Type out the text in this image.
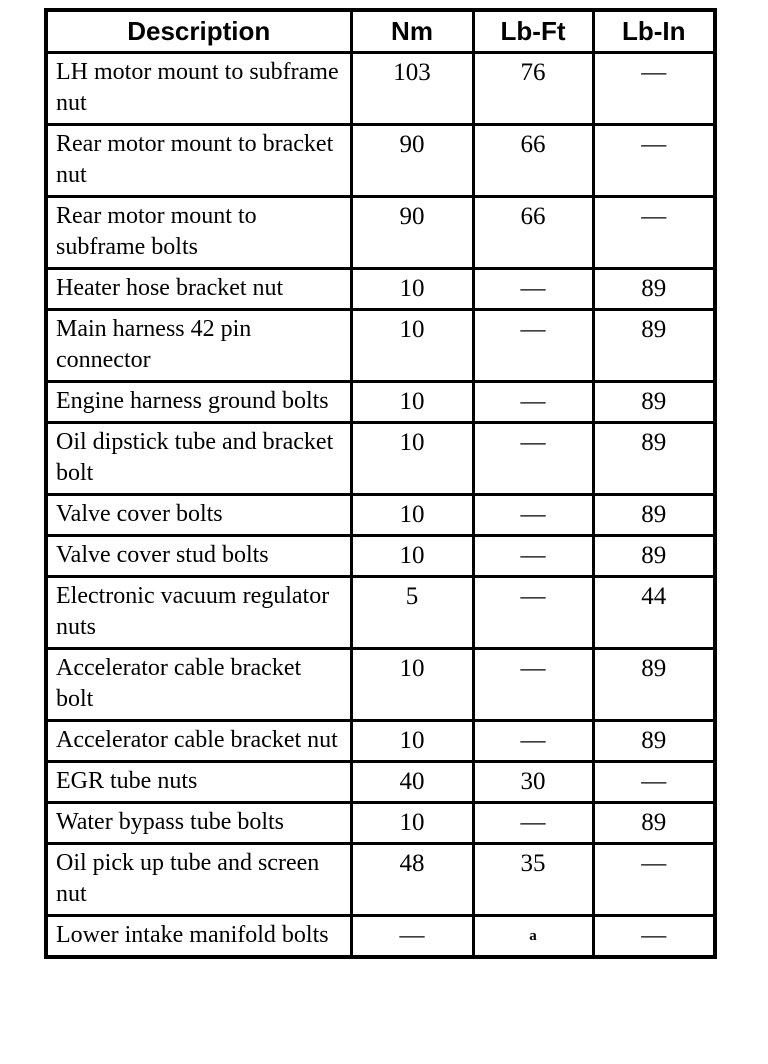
Description	Nm	Lb-Ft	Lb-In
LH motor mount to subframe nut	103	76	—
Rear motor mount to bracket nut	90	66	—
Rear motor mount to subframe bolts	90	66	—
Heater hose bracket nut	10	—	89
Main harness 42 pin connector	10	—	89
Engine harness ground bolts	10	—	89
Oil dipstick tube and bracket bolt	10	—	89
Valve cover bolts	10	—	89
Valve cover stud bolts	10	—	89
Electronic vacuum regulator nuts	5	—	44
Accelerator cable bracket bolt	10	—	89
Accelerator cable bracket nut	10	—	89
EGR tube nuts	40	30	—
Water bypass tube bolts	10	—	89
Oil pick up tube and screen nut	48	35	—
Lower intake manifold bolts	—	$^a$	—
